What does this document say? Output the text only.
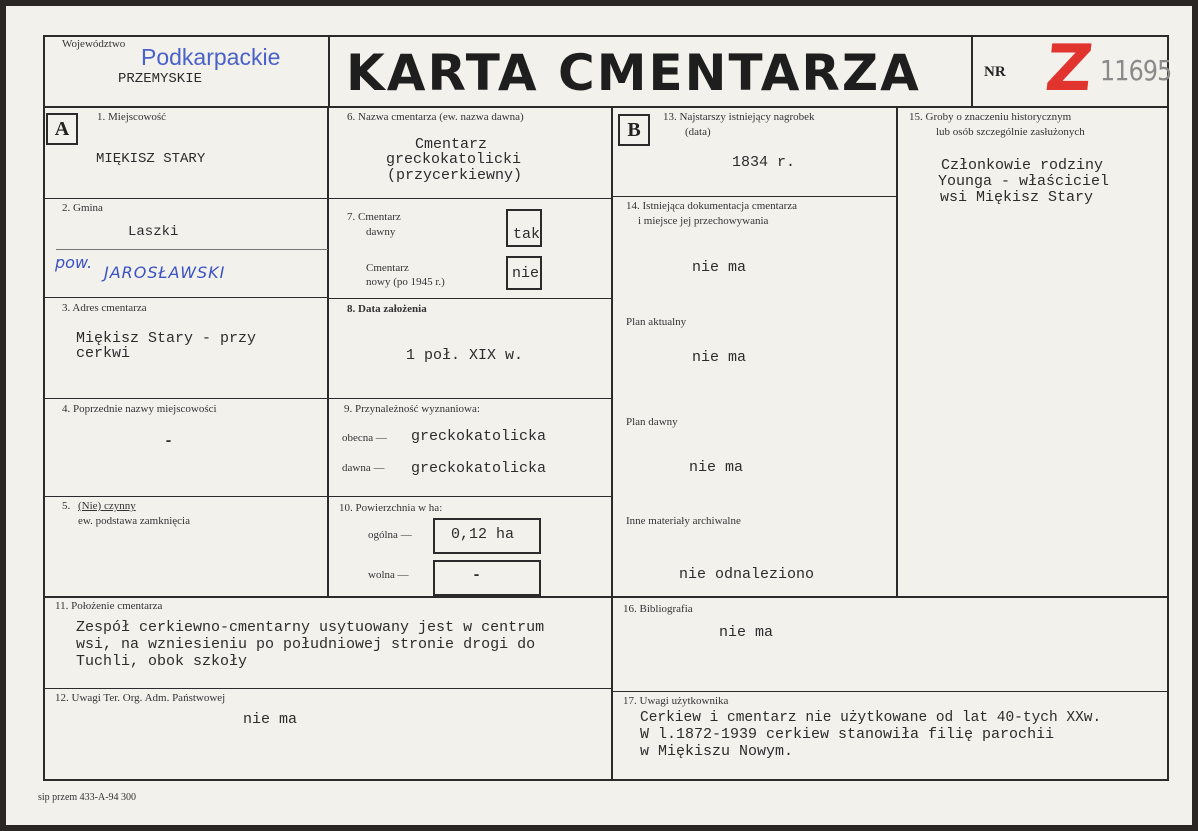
Województwo Podkarpackie
PRZEMYSKIE	KARTA CMENTARZA	NR Z 11695
A
1. Miejscowość
MIĘKISZ STARY
2. Gmina
Laszki
pow.
JAROSŁAWSKI
3. Adres cmentarza
Miękisz Stary - przy
cerkwi
4. Poprzednie nazwy miejscowości
-
5. (Nie) czynny
ew. podstawa zamknięcia
6. Nazwa cmentarza (ew. nazwa dawna)
Cmentarz
greckokatolicki
(przycerkiewny)
7. Cmentarz
dawny	tak
Cmentarz
nowy (po 1945 r.)	nie
8. Data założenia
1 poł. XIX w.
9. Przynależność wyznaniowa:
obecna — greckokatolicka
dawna — greckokatolicka
10. Powierzchnia w ha:
ogólna —	0,12 ha
wolna —	-
B
13. Najstarszy istniejący nagrobek
(data)
1834 r.
14. Istniejąca dokumentacja cmentarza
i miejsce jej przechowywania
nie ma
Plan aktualny
nie ma
Plan dawny
nie ma
Inne materiały archiwalne
nie odnaleziono
15. Groby o znaczeniu historycznym
lub osób szczególnie zasłużonych
Członkowie rodziny
Younga - właściciel
wsi Miękisz Stary
11. Położenie cmentarza
Zespół cerkiewno-cmentarny usytuowany jest w centrum
wsi, na wzniesieniu po południowej stronie drogi do
Tuchli, obok szkoły
12. Uwagi Ter. Org. Adm. Państwowej
nie ma
16. Bibliografia
nie ma
17. Uwagi użytkownika
Cerkiew i cmentarz nie użytkowane od lat 40-tych XXw.
W l.1872-1939 cerkiew stanowiła filię parochii
w Miękiszu Nowym.
sip przem 433-A-94 300
